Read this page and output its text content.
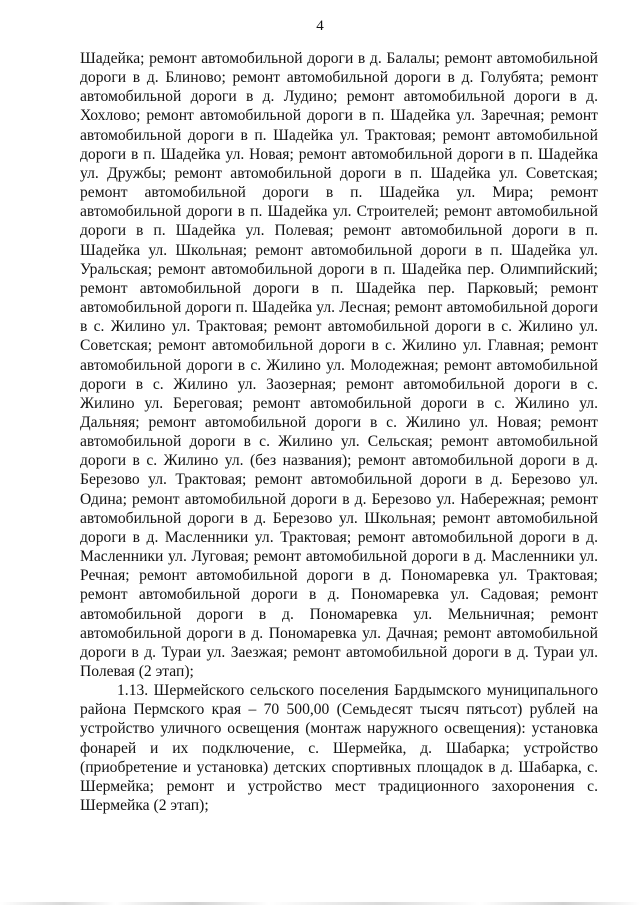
4

Шадейка; ремонт автомобильной дороги в д. Балалы; ремонт автомобильной дороги в д. Блиново; ремонт автомобильной дороги в д. Голубята; ремонт автомобильной дороги в д. Лудино; ремонт автомобильной дороги в д. Хохлово; ремонт автомобильной дороги в п. Шадейка ул. Заречная; ремонт автомобильной дороги в п. Шадейка ул. Трактовая; ремонт автомобильной дороги в п. Шадейка ул. Новая; ремонт автомобильной дороги в п. Шадейка ул. Дружбы; ремонт автомобильной дороги в п. Шадейка ул. Советская; ремонт автомобильной дороги в п. Шадейка ул. Мира; ремонт автомобильной дороги в п. Шадейка ул. Строителей; ремонт автомобильной дороги в п. Шадейка ул. Полевая; ремонт автомобильной дороги в п. Шадейка ул. Школьная; ремонт автомобильной дороги в п. Шадейка ул. Уральская; ремонт автомобильной дороги в п. Шадейка пер. Олимпийский; ремонт автомобильной дороги в п. Шадейка пер. Парковый; ремонт автомобильной дороги п. Шадейка ул. Лесная; ремонт автомобильной дороги в с. Жилино ул. Трактовая; ремонт автомобильной дороги в с. Жилино ул. Советская; ремонт автомобильной дороги в с. Жилино ул. Главная; ремонт автомобильной дороги в с. Жилино ул. Молодежная; ремонт автомобильной дороги в с. Жилино ул. Заозерная; ремонт автомобильной дороги в с. Жилино ул. Береговая; ремонт автомобильной дороги в с. Жилино ул. Дальняя; ремонт автомобильной дороги в с. Жилино ул. Новая; ремонт автомобильной дороги в с. Жилино ул. Сельская; ремонт автомобильной дороги в с. Жилино ул. (без названия); ремонт автомобильной дороги в д. Березово ул. Трактовая; ремонт автомобильной дороги в д. Березово ул. Одина; ремонт автомобильной дороги в д. Березово ул. Набережная; ремонт автомобильной дороги в д. Березово ул. Школьная; ремонт автомобильной дороги в д. Масленники ул. Трактовая; ремонт автомобильной дороги в д. Масленники ул. Луговая; ремонт автомобильной дороги в д. Масленники ул. Речная; ремонт автомобильной дороги в д. Пономаревка ул. Трактовая; ремонт автомобильной дороги в д. Пономаревка ул. Садовая; ремонт автомобильной дороги в д. Пономаревка ул. Мельничная; ремонт автомобильной дороги в д. Пономаревка ул. Дачная; ремонт автомобильной дороги в д. Тураи ул. Заезжая; ремонт автомобильной дороги в д. Тураи ул. Полевая (2 этап);

1.13. Шермейского сельского поселения Бардымского муниципального района Пермского края – 70 500,00 (Семьдесят тысяч пятьсот) рублей на устройство уличного освещения (монтаж наружного освещения): установка фонарей и их подключение, с. Шермейка, д. Шабарка; устройство (приобретение и установка) детских спортивных площадок в д. Шабарка, с. Шермейка; ремонт и устройство мест традиционного захоронения с. Шермейка (2 этап);
